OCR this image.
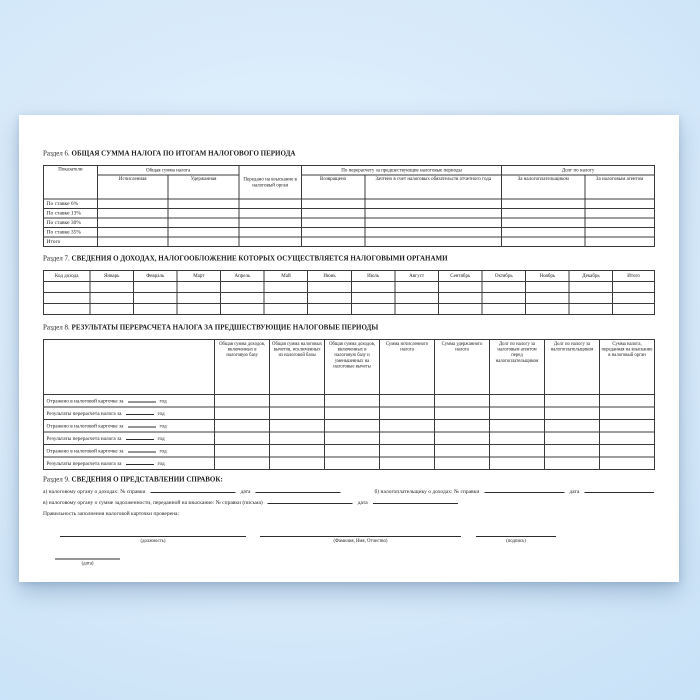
Раздел 6. ОБЩАЯ СУММА НАЛОГА ПО ИТОГАМ НАЛОГОВОГО ПЕРИОДА
Показатели	Общая сумма налога		Передано на взыскание в налоговый орган	По перерасчету за предшествующие налоговые периоды		Долг по налогу	
	Исчисленная	Удержанная		Возвращено	Зачтено в счет налоговых обязательств отчетного года	За налогоплательщиком	За налоговым агентом
По ставке 6%							
По ставке 13%							
По ставке 30%							
По ставке 35%							
Итого							
Раздел 7. СВЕДЕНИЯ О ДОХОДАХ, НАЛОГООБЛОЖЕНИЕ КОТОРЫХ ОСУЩЕСТВЛЯЕТСЯ НАЛОГОВЫМИ ОРГАНАМИ
Код дохода	Январь	Февраль	Март	Апрель	Май	Июнь	Июль	Август	Сентябрь	Октябрь	Ноябрь	Декабрь	Итого

Раздел 8. РЕЗУЛЬТАТЫ ПЕРЕРАСЧЕТА НАЛОГА ЗА ПРЕДШЕСТВУЮЩИЕ НАЛОГОВЫЕ ПЕРИОДЫ
	Общая сумма доходов, включенных в налоговую базу	Общая сумма налоговых вычетов, исключенных из налоговой базы	Общая сумма доходов, включенных в налоговую базу и уменьшенных на налоговые вычеты	Сумма исчисленного налога	Сумма удержанного налога	Долг по налогу за налоговым агентом перед налогоплательщиком	Долг по налогу за налогоплательщиком	Сумма налога, переданная на взыскание в налоговый орган
Отражено в налоговой карточке за год								
Результаты перерасчета налога за год								
Отражено в налоговой карточке за год								
Результаты перерасчета налога за год								
Отражено в налоговой карточке за год								
Результаты перерасчета налога за год								
Раздел 9. СВЕДЕНИЯ О ПРЕДСТАВЛЕНИИ СПРАВОК:
а) налоговому органу о доходах: № справки	дата	б) налогоплательщику о доходах: № справки	дата
в) налоговому органу о сумме задолженности, переданной на взыскание: № справки (письма)	дата
Правильность заполнения налоговой карточки проверена:
(должность)	(Фамилия, Имя, Отчество)	(подпись)
(дата)
